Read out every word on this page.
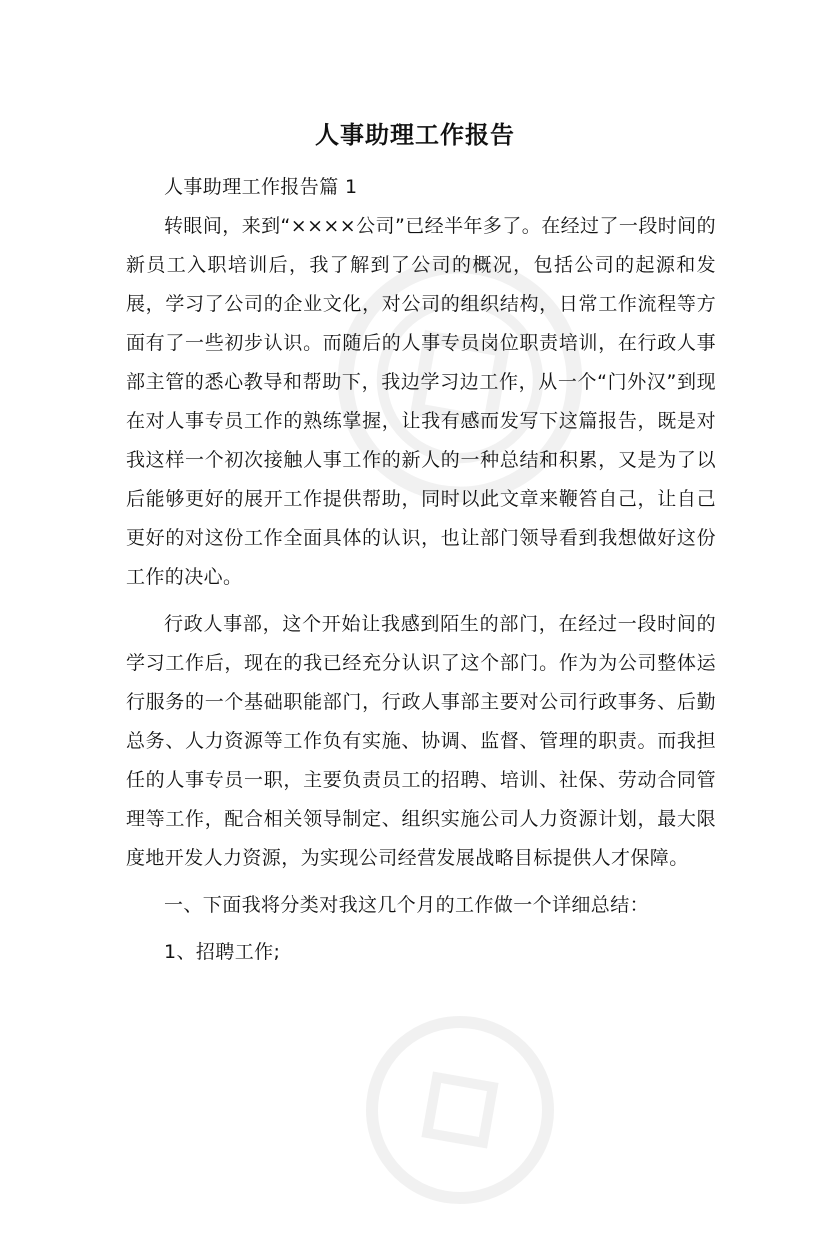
人事助理工作报告

人事助理工作报告篇 1

转眼间，来到“××××公司”已经半年多了。在经过了一段时间的新员工入职培训后，我了解到了公司的概况，包括公司的起源和发展，学习了公司的企业文化，对公司的组织结构，日常工作流程等方面有了一些初步认识。而随后的人事专员岗位职责培训，在行政人事部主管的悉心教导和帮助下，我边学习边工作，从一个“门外汉”到现在对人事专员工作的熟练掌握，让我有感而发写下这篇报告，既是对我这样一个初次接触人事工作的新人的一种总结和积累，又是为了以后能够更好的展开工作提供帮助，同时以此文章来鞭笞自己，让自己更好的对这份工作全面具体的认识，也让部门领导看到我想做好这份工作的决心。

行政人事部，这个开始让我感到陌生的部门，在经过一段时间的学习工作后，现在的我已经充分认识了这个部门。作为为公司整体运行服务的一个基础职能部门，行政人事部主要对公司行政事务、后勤总务、人力资源等工作负有实施、协调、监督、管理的职责。而我担任的人事专员一职，主要负责员工的招聘、培训、社保、劳动合同管理等工作，配合相关领导制定、组织实施公司人力资源计划，最大限度地开发人力资源，为实现公司经营发展战略目标提供人才保障。

一、下面我将分类对我这几个月的工作做一个详细总结：

1、招聘工作;
